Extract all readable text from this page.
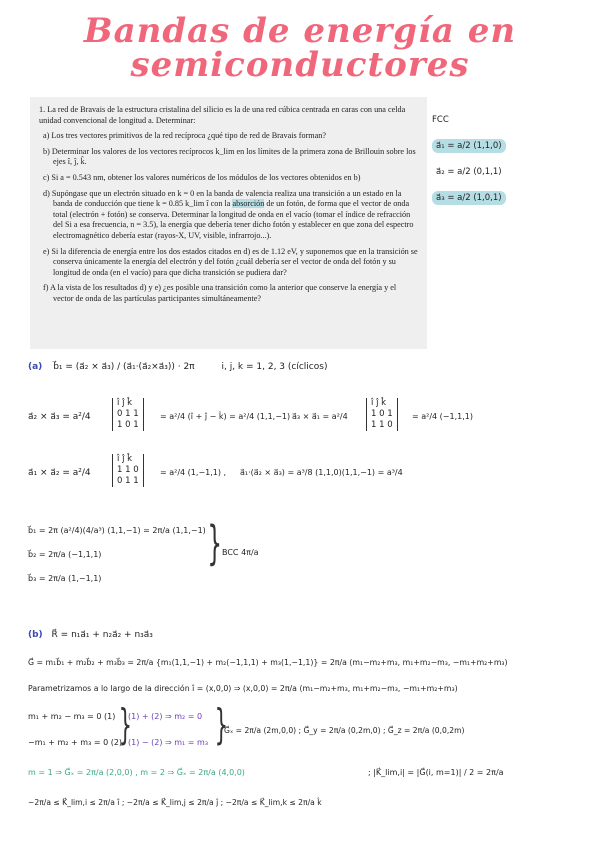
Bandas de energía en
semiconductores

1. La red de Bravais de la estructura cristalina del silicio es la de una red cúbica centrada en caras con una celda unidad convencional de longitud a. Determinar:

a) Los tres vectores primitivos de la red recíproca ¿qué tipo de red de Bravais forman?

b) Determinar los valores de los vectores recíprocos k_lim en los límites de la primera zona de Brillouin sobre los ejes î, ĵ, k̂.

c) Si a = 0.543 nm, obtener los valores numéricos de los módulos de los vectores obtenidos en b)

d) Supóngase que un electrón situado en k = 0 en la banda de valencia realiza una transición a un estado en la banda de conducción que tiene k = 0.85 k_lim î con la absorción de un fotón, de forma que el vector de onda total (electrón + fotón) se conserva. Determinar la longitud de onda en el vacío (tomar el índice de refracción del Si a esa frecuencia, n = 3.5), la energía que debería tener dicho fotón y establecer en que zona del espectro electromagnético debería estar (rayos-X, UV, visible, infrarrojo...).

e) Si la diferencia de energía entre los dos estados citados en d) es de 1.12 eV, y suponemos que en la transición se conserva únicamente la energía del electrón y del fotón ¿cuál debería ser el vector de onda del fotón y su longitud de onda (en el vacío) para que dicha transición se pudiera dar?

f) A la vista de los resultados d) y e) ¿es posible una transición como la anterior que conserve la energía y el vector de onda de las partículas participantes simultáneamente?

FCC
a⃗₁ = a/2 (1,1,0)
a⃗₂ = a/2 (0,1,1)
a⃗₃ = a/2 (1,0,1)
(a) b⃗₁ = (a⃗₂ × a⃗₃) / (a⃗₁·(a⃗₂×a⃗₃)) · 2π	i, j, k = 1, 2, 3 (cíclicos)
a⃗₂ × a⃗₃ = a²/4
î ĵ k̂
0 1 1
1 0 1
= a²/4 (î + ĵ − k̂) = a²/4 (1,1,−1) a⃗₃ × a⃗₁ = a²/4
î ĵ k̂
1 0 1
1 1 0
= a²/4 (−1,1,1)
a⃗₁ × a⃗₂ = a²/4
î ĵ k̂
1 1 0
0 1 1
= a²/4 (1,−1,1) , a⃗₁·(a⃗₂ × a⃗₃) = a³/8 (1,1,0)(1,1,−1) = a³/4
b⃗₁ = 2π (a²/4)(4/a³) (1,1,−1) = 2π/a (1,1,−1)
b⃗₂ = 2π/a (−1,1,1)
b⃗₃ = 2π/a (1,−1,1)
} BCC 4π/a
(b) R⃗ = n₁a⃗₁ + n₂a⃗₂ + n₃a⃗₃
G⃗ = m₁b⃗₁ + m₂b⃗₂ + m₃b⃗₃ = 2π/a {m₁(1,1,−1) + m₂(−1,1,1) + m₃(1,−1,1)} = 2π/a (m₁−m₂+m₃, m₁+m₂−m₃, −m₁+m₂+m₃)
Parametrizamos a lo largo de la dirección î = (x,0,0) ⇒ (x,0,0) = 2π/a (m₁−m₂+m₃, m₁+m₂−m₃, −m₁+m₂+m₃)
m₁ + m₂ − m₃ = 0 (1)
−m₁ + m₂ + m₃ = 0 (2)
}
(1) + (2) ⇒ m₂ = 0
(1) − (2) ⇒ m₁ = m₃ }
G⃗ₓ = 2π/a (2m,0,0) ; G⃗_y = 2π/a (0,2m,0) ; G⃗_z = 2π/a (0,0,2m)
m = 1 ⇒ G⃗ₓ = 2π/a (2,0,0) , m = 2 ⇒ G⃗ₓ = 2π/a (4,0,0)	; |K⃗_lim,i| = |G⃗(i, m=1)| / 2 = 2π/a
−2π/a ≤ K⃗_lim,i ≤ 2π/a î ; −2π/a ≤ K⃗_lim,j ≤ 2π/a ĵ ; −2π/a ≤ K⃗_lim,k ≤ 2π/a k̂
